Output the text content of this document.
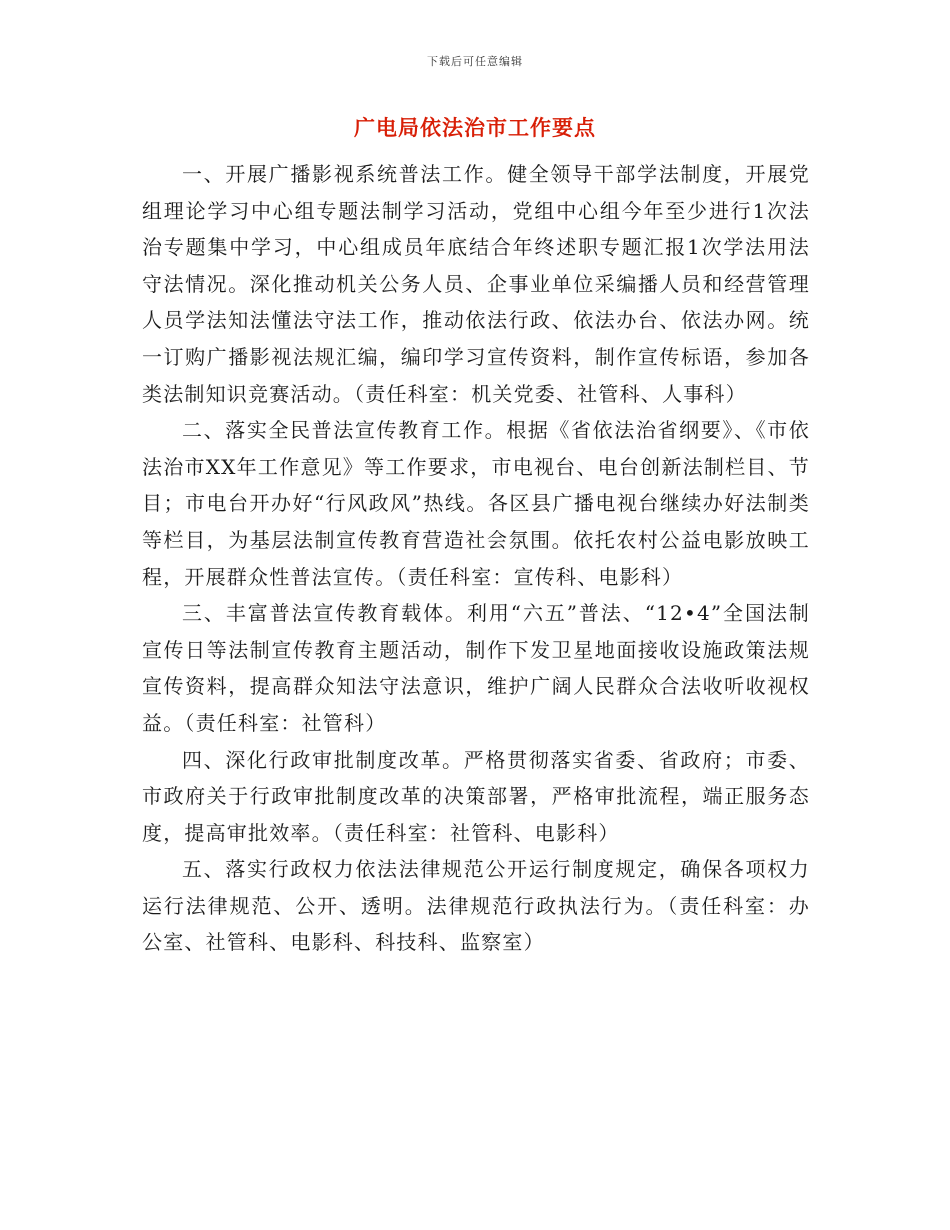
下载后可任意编辑
广电局依法治市工作要点

一、开展广播影视系统普法工作。健全领导干部学法制度，开展党组理论学习中心组专题法制学习活动，党组中心组今年至少进行1次法治专题集中学习，中心组成员年底结合年终述职专题汇报1次学法用法守法情况。深化推动机关公务人员、企事业单位采编播人员和经营管理人员学法知法懂法守法工作，推动依法行政、依法办台、依法办网。统一订购广播影视法规汇编，编印学习宣传资料，制作宣传标语，参加各类法制知识竞赛活动。（责任科室：机关党委、社管科、人事科）

二、落实全民普法宣传教育工作。根据《省依法治省纲要》、《市依法治市XX年工作意见》等工作要求，市电视台、电台创新法制栏目、节目；市电台开办好“行风政风”热线。各区县广播电视台继续办好法制类等栏目，为基层法制宣传教育营造社会氛围。依托农村公益电影放映工程，开展群众性普法宣传。（责任科室：宣传科、电影科）

三、丰富普法宣传教育载体。利用“六五”普法、“12•4”全国法制宣传日等法制宣传教育主题活动，制作下发卫星地面接收设施政策法规宣传资料，提高群众知法守法意识，维护广阔人民群众合法收听收视权益。（责任科室：社管科）

四、深化行政审批制度改革。严格贯彻落实省委、省政府；市委、市政府关于行政审批制度改革的决策部署，严格审批流程，端正服务态度，提高审批效率。（责任科室：社管科、电影科）

五、落实行政权力依法法律规范公开运行制度规定，确保各项权力运行法律规范、公开、透明。法律规范行政执法行为。（责任科室：办公室、社管科、电影科、科技科、监察室）
